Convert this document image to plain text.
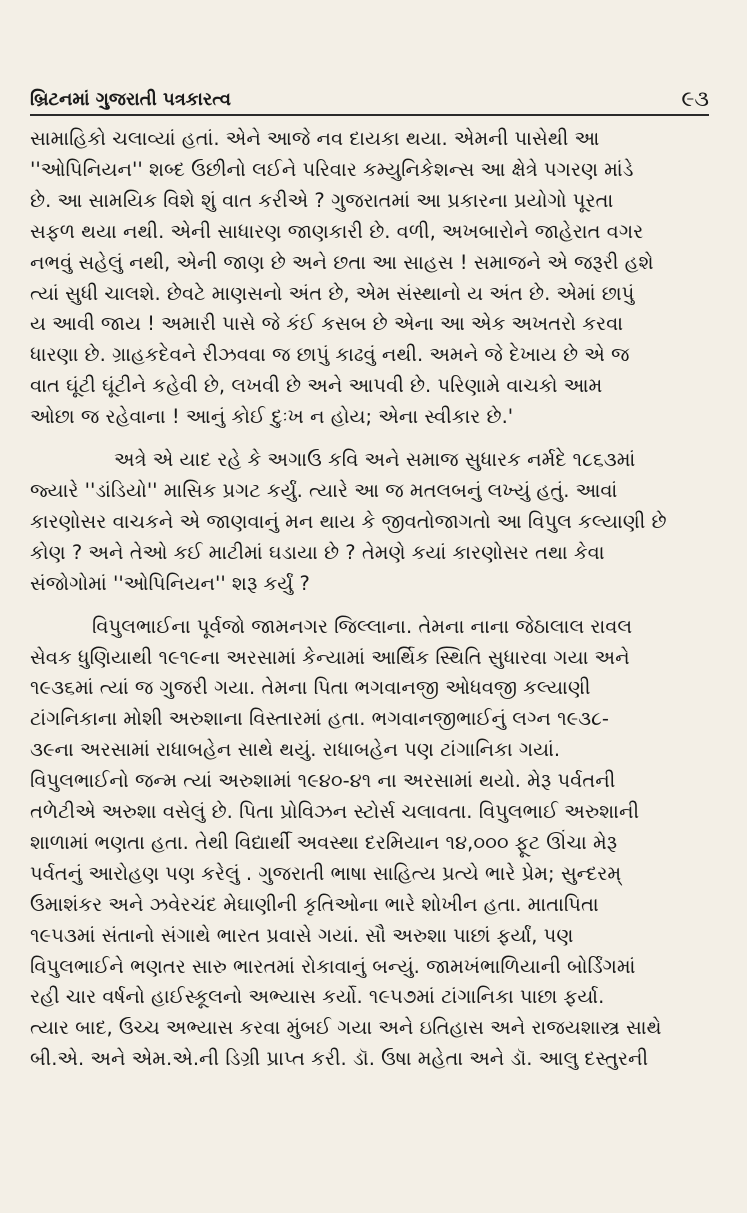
બ્રિટનમાં ગુજરાતી પત્રકારત્વ	૯૩

સામાહિકો ચલાવ્યાં હતાં. એને આજે નવ દાયકા થયા. એમની પાસેથી આ

''ઓપિનિયન'' શબ્દ ઉછીનો લઈને પરિવાર કમ્યુનિકેશન્સ આ ક્ષેત્રે પગરણ માંડે

છે. આ સામયિક વિશે શું વાત કરીએ ? ગુજરાતમાં આ પ્રકારના પ્રયોગો પૂરતા

સફળ થયા નથી. એની સાધારણ જાણકારી છે. વળી, અખબારોને જાહેરાત વગર

નભવું સહેલું નથી, એની જાણ છે અને છતા આ સાહસ ! સમાજને એ જરૂરી હશે

ત્યાં સુધી ચાલશે. છેવટે માણસનો અંત છે, એમ સંસ્થાનો ય અંત છે. એમાં છાપું

ય આવી જાય ! અમારી પાસે જે કંઈ કસબ છે એના આ એક અખતરો કરવા

ધારણા છે. ગ્રાહકદેવને રીઝવવા જ છાપું કાઢવું નથી. અમને જે દેખાય છે એ જ

વાત ઘૂંટી ઘૂંટીને કહેવી છે, લખવી છે અને આપવી છે. પરિણામે વાચકો આમ

ઓછા જ રહેવાના ! આનું કોઈ દુઃખ ન હોય; એના સ્વીકાર છે.'

અત્રે એ યાદ રહે કે અગાઉ કવિ અને સમાજ સુધારક નર્મદે ૧૮૬૩માં

જ્યારે ''ડાંડિયો'' માસિક પ્રગટ કર્યું. ત્યારે આ જ મતલબનું લખ્યું હતું. આવાં

કારણોસર વાચકને એ જાણવાનું મન થાય કે જીવતોજાગતો આ વિપુલ કલ્યાણી છે

કોણ ? અને તેઓ કઈ માટીમાં ઘડાયા છે ? તેમણે કયાં કારણોસર તથા કેવા

સંજોગોમાં ''ઓપિનિયન'' શરૂ કર્યું ?

વિપુલભાઈના પૂર્વજો જામનગર જિલ્લાના. તેમના નાના જેઠાલાલ રાવલ

સેવક ધુણિયાથી ૧૯૧૯ના અરસામાં કેન્યામાં આર્થિક સ્થિતિ સુધારવા ગયા અને

૧૯૩૬માં ત્યાં જ ગુજરી ગયા. તેમના પિતા ભગવાનજી ઓધવજી કલ્યાણી

ટાંગનિકાના મોશી અરુશાના વિસ્તારમાં હતા. ભગવાનજીભાઈનું લગ્ન ૧૯૩૮-

૩૯ના અરસામાં રાધાબહેન સાથે થયું. રાધાબહેન પણ ટાંગાનિકા ગયાં.

વિપુલભાઈનો જન્મ ત્યાં અરુશામાં ૧૯૪૦-૪૧ ના અરસામાં થયો. મેરૂ પર્વતની

તળેટીએ અરુશા વસેલું છે. પિતા પ્રોવિઝન સ્ટોર્સ ચલાવતા. વિપુલભાઈ અરુશાની

શાળામાં ભણતા હતા. તેથી વિદ્યાર્થી અવસ્થા દરમિયાન ૧૪,૦૦૦ ફૂટ ઊંચા મેરૂ

પર્વતનું આરોહણ પણ કરેલું . ગુજરાતી ભાષા સાહિત્ય પ્રત્યે ભારે પ્રેમ; સુન્દરમ્

ઉમાશંકર અને ઝવેરચંદ મેઘાણીની કૃતિઓના ભારે શોખીન હતા. માતાપિતા

૧૯૫૩માં સંતાનો સંગાથે ભારત પ્રવાસે ગયાં. સૌ અરુશા પાછાં ફર્યાં, પણ

વિપુલભાઈને ભણતર સારુ ભારતમાં રોકાવાનું બન્યું. જામખંભાળિયાની બોર્ડિંગમાં

રહી ચાર વર્ષનો હાઈસ્કૂલનો અભ્યાસ કર્યો. ૧૯૫૭માં ટાંગાનિકા પાછા ફર્યા.

ત્યાર બાદ, ઉચ્ચ અભ્યાસ કરવા મુંબઈ ગયા અને ઇતિહાસ અને રાજયશાસ્ત્ર સાથે

બી.એ. અને એમ.એ.ની ડિગ્રી પ્રાપ્ત કરી. ડૉ. ઉષા મહેતા અને ડૉ. આલુ દસ્તુરની
